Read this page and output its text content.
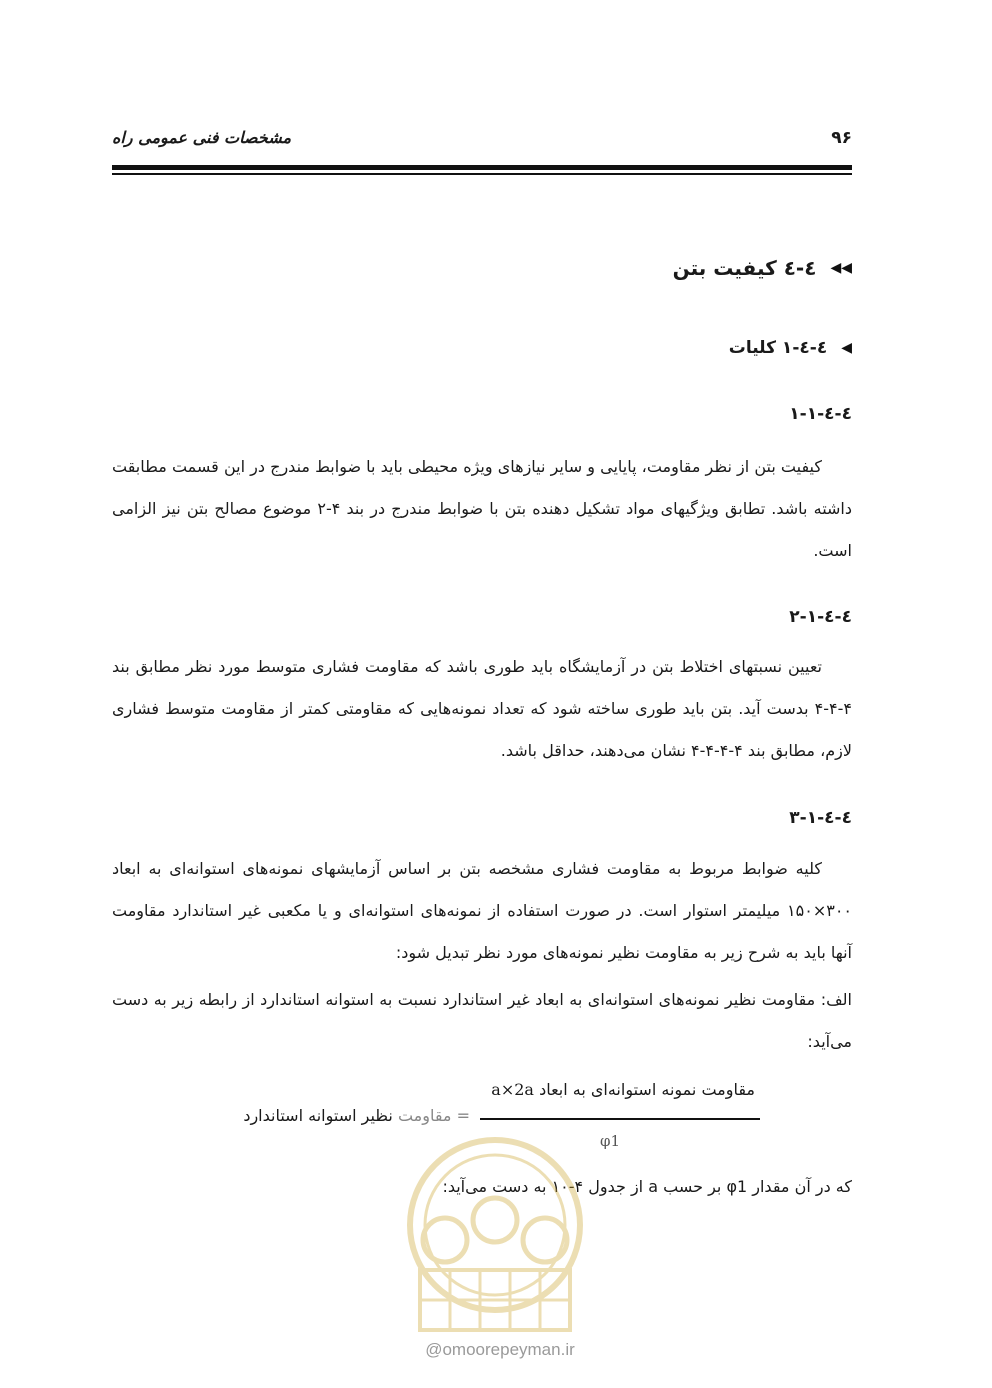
مشخصات فنی عمومی راه	۹۶
◀◀
٤-٤ کیفیت بتن
◀
٤-٤-١ کلیات
٤-٤-١-١
کیفیت بتن از نظر مقاومت، پایایی و سایر نیازهای ویژه محیطی باید با ضوابط مندرج در این قسمت مطابقت داشته باشد. تطابق ویژگیهای مواد تشکیل دهنده بتن با ضوابط مندرج در بند ۴-۲ موضوع مصالح بتن نیز الزامی است.
٤-٤-١-٢
تعیین نسبتهای اختلاط بتن در آزمایشگاه باید طوری باشد که مقاومت فشاری متوسط مورد نظر مطابق بند ۴-۴-۴ بدست آید. بتن باید طوری ساخته شود که تعداد نمونه‌هایی که مقاومتی کمتر از مقاومت متوسط فشاری لازم، مطابق بند ۴-۴-۴-۴ نشان می‌دهند، حداقل باشد.
٤-٤-١-٣
کلیه ضوابط مربوط به مقاومت فشاری مشخصه بتن بر اساس آزمایشهای نمونه‌های استوانه‌ای به ابعاد ۳۰۰×۱۵۰ میلیمتر استوار است. در صورت استفاده از نمونه‌های استوانه‌ای و یا مکعبی غیر استاندارد مقاومت آنها باید به شرح زیر به مقاومت نظیر نمونه‌های مورد نظر تبدیل شود:
الف: مقاومت نظیر نمونه‌های استوانه‌ای به ابعاد غیر استاندارد نسبت به استوانه استاندارد از رابطه زیر به دست می‌آید:
مقاومت نمونه استوانه‌ای به ابعاد a×2a
φ1
= مقاومت نظیر استوانه استاندارد
که در آن مقدار φ1 بر حسب a از جدول ۴-۱۰ به دست می‌آید:
@omoorepeyman.ir
